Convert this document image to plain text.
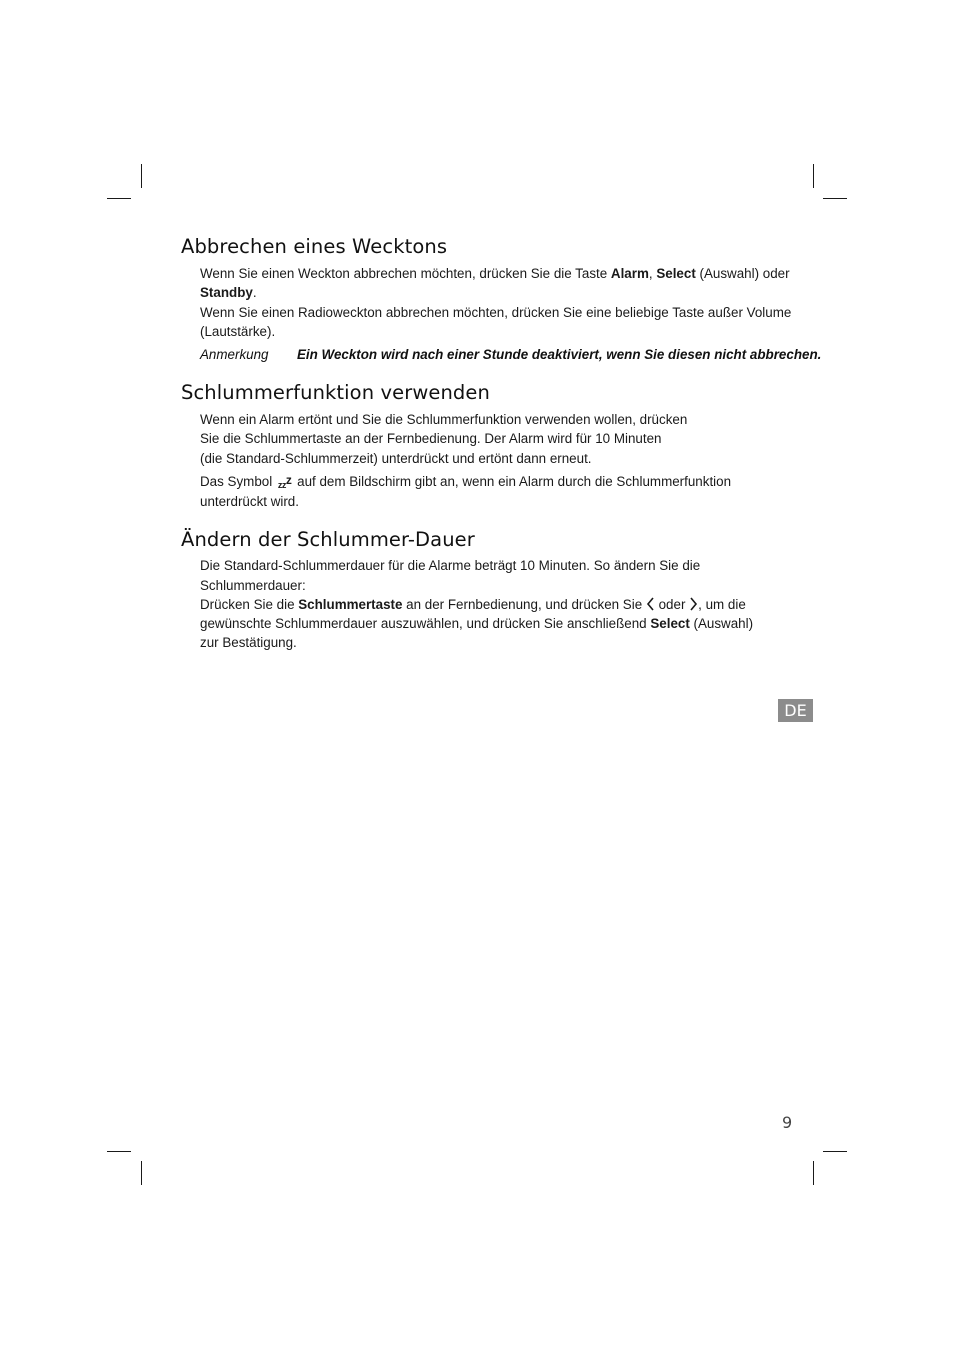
Abbrechen eines Wecktons

Wenn Sie einen Weckton abbrechen möchten, drücken Sie die Taste Alarm, Select (Auswahl) oder

Standby.

Wenn Sie einen Radioweckton abbrechen möchten, drücken Sie eine beliebige Taste außer Volume

(Lautstärke).

Anmerkung Ein Weckton wird nach einer Stunde deaktiviert, wenn Sie diesen nicht abbrechen.
Schlummerfunktion verwenden

Wenn ein Alarm ertönt und Sie die Schlummerfunktion verwenden wollen, drücken

Sie die Schlummertaste an der Fernbedienung. Der Alarm wird für 10 Minuten

(die Standard-Schlummerzeit) unterdrückt und ertönt dann erneut.

Das Symbol zzz auf dem Bildschirm gibt an, wenn ein Alarm durch die Schlummerfunktion

unterdrückt wird.

Ändern der Schlummer-Dauer

Die Standard-Schlummerdauer für die Alarme beträgt 10 Minuten. So ändern Sie die

Schlummerdauer:

Drücken Sie die Schlummertaste an der Fernbedienung, und drücken Sie  oder , um die

gewünschte Schlummerdauer auszuwählen, und drücken Sie anschließend Select (Auswahl)

zur Bestätigung.

DE
9
